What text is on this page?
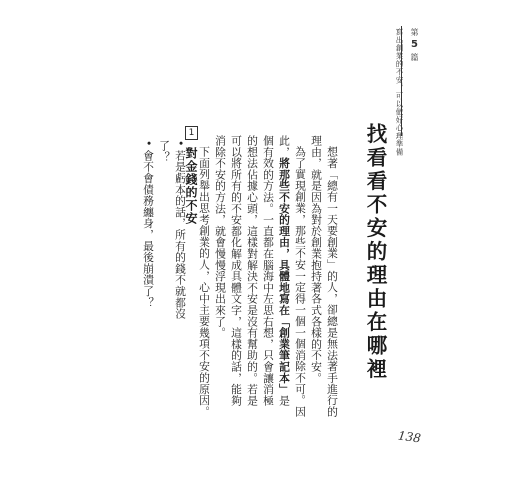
第5篇
寫出創業的不安，可以做好心理準備
找看看不安的理由在哪裡

想著「總有一天要創業」的人，卻總是無法著手進行的理由，就是因為對於創業抱持著各式各樣的不安。

為了實現創業，那些不安一定得一個一個消除不可。因此，將那些不安的理由，具體地寫在「創業筆記本」是個有效的方法。一直都在腦海中左思右想，只會讓消極的想法佔據心頭，這樣對解決不安是沒有幫助的。若是可以將所有的不安都化解成具體文字，這樣的話，能夠消除不安的方法，就會慢慢浮現出來了。

下面列舉出思考創業的人，心中主要幾項不安的原因。

1
對金錢的不安
•若是虧本的話，所有的錢不就都沒了？
•會不會債務纏身，最後崩潰了？
138
